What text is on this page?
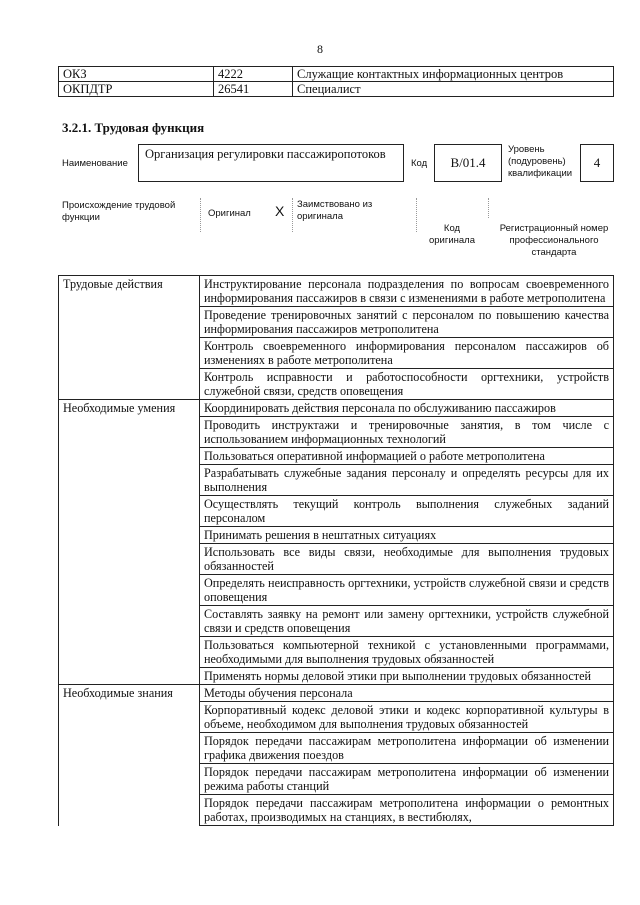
8
ОКЗ	4222	Служащие контактных информационных центров
ОКПДТР	26541	Специалист
3.2.1. Трудовая функция
Наименование
Организация регулировки пассажиропотоков
Код	В/01.4
Уровень (подуровень) квалификации
4
Происхождение трудовой функции	Оригинал X Заимствовано из оригинала
Код оригинала
Регистрационный номер профессионального стандарта
Трудовые действия	Инструктирование персонала подразделения по вопросам своевременного информирования пассажиров в связи с изменениями в работе метрополитена
	Проведение тренировочных занятий с персоналом по повышению качества информирования пассажиров метрополитена
	Контроль своевременного информирования персоналом пассажиров об изменениях в работе метрополитена
	Контроль исправности и работоспособности оргтехники, устройств служебной связи, средств оповещения
Необходимые умения	Координировать действия персонала по обслуживанию пассажиров
	Проводить инструктажи и тренировочные занятия, в том числе с использованием информационных технологий
	Пользоваться оперативной информацией о работе метрополитена
	Разрабатывать служебные задания персоналу и определять ресурсы для их выполнения
	Осуществлять текущий контроль выполнения служебных заданий персоналом
	Принимать решения в нештатных ситуациях
	Использовать все виды связи, необходимые для выполнения трудовых обязанностей
	Определять неисправность оргтехники, устройств служебной связи и средств оповещения
	Составлять заявку на ремонт или замену оргтехники, устройств служебной связи и средств оповещения
	Пользоваться компьютерной техникой с установленными программами, необходимыми для выполнения трудовых обязанностей
	Применять нормы деловой этики при выполнении трудовых обязанностей
Необходимые знания	Методы обучения персонала
	Корпоративный кодекс деловой этики и кодекс корпоративной культуры в объеме, необходимом для выполнения трудовых обязанностей
	Порядок передачи пассажирам метрополитена информации об изменении графика движения поездов
	Порядок передачи пассажирам метрополитена информации об изменении режима работы станций
	Порядок передачи пассажирам метрополитена информации о ремонтных работах, производимых на станциях, в вестибюлях,
